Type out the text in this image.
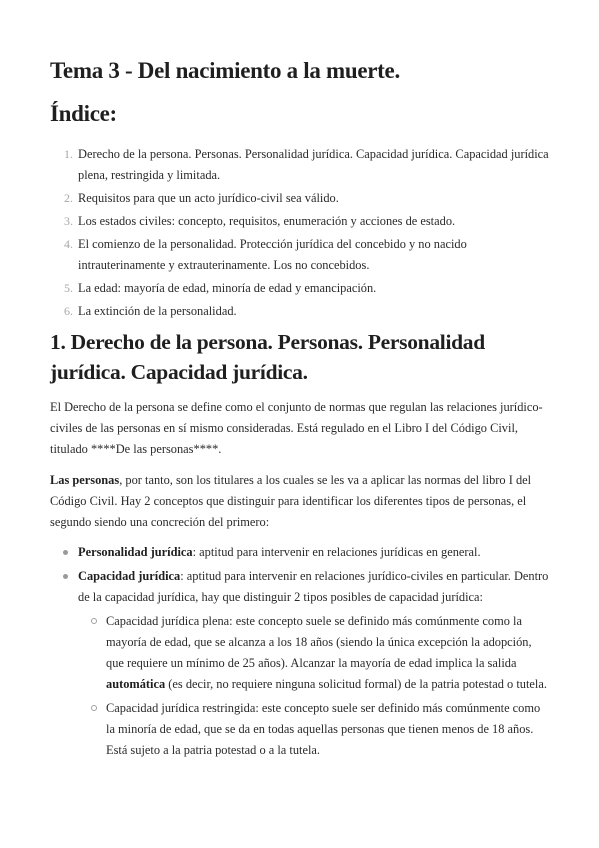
Tema 3 - Del nacimiento a la muerte.
Índice:
1. Derecho de la persona. Personas. Personalidad jurídica. Capacidad jurídica. Capacidad jurídica plena, restringida y limitada.
2. Requisitos para que un acto jurídico-civil sea válido.
3. Los estados civiles: concepto, requisitos, enumeración y acciones de estado.
4. El comienzo de la personalidad. Protección jurídica del concebido y no nacido intrauterinamente y extrauterinamente. Los no concebidos.
5. La edad: mayoría de edad, minoría de edad y emancipación.
6. La extinción de la personalidad.
1. Derecho de la persona. Personas. Personalidad jurídica. Capacidad jurídica.

El Derecho de la persona se define como el conjunto de normas que regulan las relaciones jurídico-civiles de las personas en sí mismo consideradas. Está regulado en el Libro I del Código Civil, titulado ****De las personas****.

Las personas, por tanto, son los titulares a los cuales se les va a aplicar las normas del libro I del Código Civil. Hay 2 conceptos que distinguir para identificar los diferentes tipos de personas, el segundo siendo una concreción del primero:

Personalidad jurídica: aptitud para intervenir en relaciones jurídicas en general.
Capacidad jurídica: aptitud para intervenir en relaciones jurídico-civiles en particular. Dentro de la capacidad jurídica, hay que distinguir 2 tipos posibles de capacidad jurídica:
Capacidad jurídica plena: este concepto suele se definido más comúnmente como la mayoría de edad, que se alcanza a los 18 años (siendo la única excepción la adopción, que requiere un mínimo de 25 años). Alcanzar la mayoría de edad implica la salida automática (es decir, no requiere ninguna solicitud formal) de la patria potestad o tutela.
Capacidad jurídica restringida: este concepto suele ser definido más comúnmente como la minoría de edad, que se da en todas aquellas personas que tienen menos de 18 años. Está sujeto a la patria potestad o a la tutela.
